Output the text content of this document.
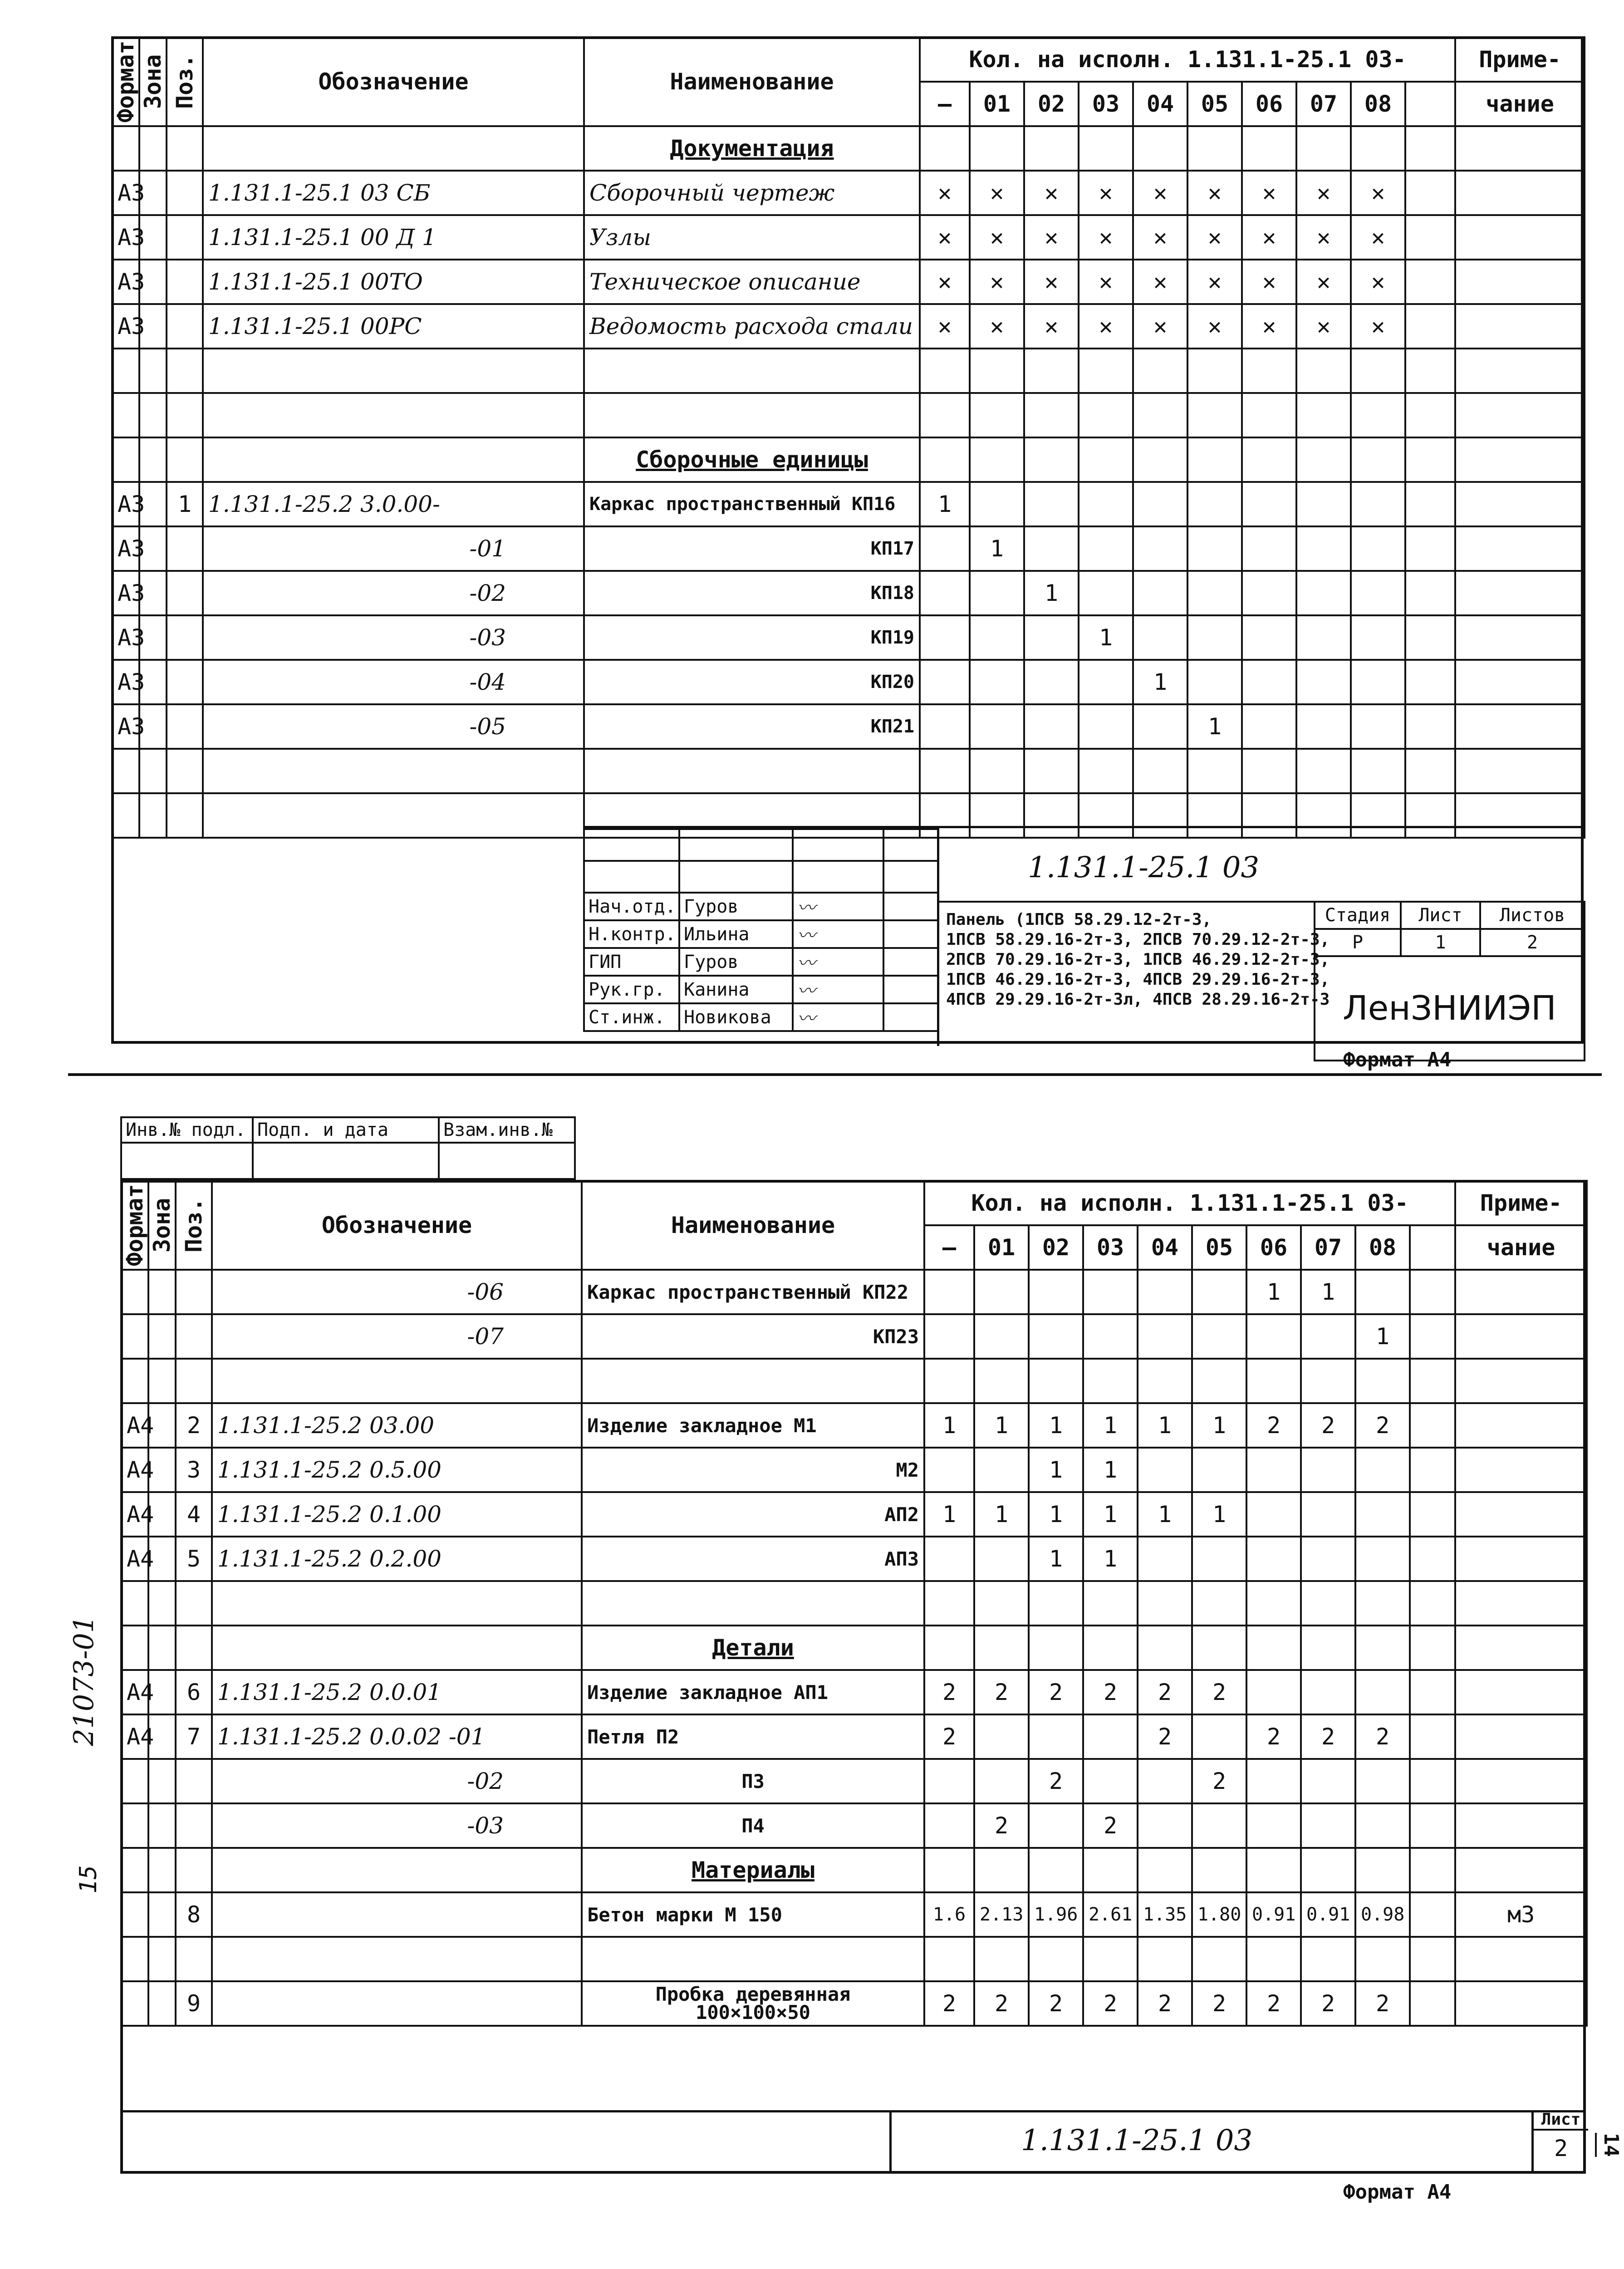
Формат	Зона	Поз.	Обозначение	Наименование	Кол. на исполн. 1.131.1-25.1 03-										Приме-
					—	01	02	03	04	05	06	07	08		чание
				Документация											
А3			1.131.1-25.1 03 СБ	Сборочный чертеж	✕	✕	✕	✕	✕	✕	✕	✕	✕		
А3			1.131.1-25.1 00 Д 1	Узлы	✕	✕	✕	✕	✕	✕	✕	✕	✕		
А3			1.131.1-25.1 00ТО	Техническое описание	✕	✕	✕	✕	✕	✕	✕	✕	✕		
А3			1.131.1-25.1 00РС	Ведомость расхода стали	✕	✕	✕	✕	✕	✕	✕	✕	✕		

				Сборочные единицы											
А3		1	1.131.1-25.2 3.0.00-	Каркас пространственный КП16	1										
А3			-01	КП17		1									
А3			-02	КП18			1								
А3			-03	КП19				1							
А3			-04	КП20					1						
А3			-05	КП21						1					

Нач.отд.	Гуров	〰	
Н.контр.	Ильина	〰	
ГИП	Гуров	〰	
Рук.гр.	Канина	〰	
Ст.инж.	Новикова	〰	
1.131.1-25.1 03
Панель (1ПСВ 58.29.12-2т-3,
1ПСВ 58.29.16-2т-3, 2ПСВ 70.29.12-2т-3,
2ПСВ 70.29.16-2т-3, 1ПСВ 46.29.12-2т-3,
1ПСВ 46.29.16-2т-3, 4ПСВ 29.29.16-2т-3,
4ПСВ 29.29.16-2т-3л, 4ПСВ 28.29.16-2т-3
Стадия	Лист	Листов
Р	1	2
ЛенЗНИИЭП		
Формат А4
Инв.№ подл.	Подп. и дата	Взам.инв.№

Формат	Зона	Поз.	Обозначение	Наименование	Кол. на исполн. 1.131.1-25.1 03-										Приме-
					—	01	02	03	04	05	06	07	08		чание
			-06	Каркас пространственный КП22							1	1			
			-07	КП23									1		

А4		2	1.131.1-25.2 03.00	Изделие закладное М1	1	1	1	1	1	1	2	2	2		
А4		3	1.131.1-25.2 0.5.00	М2			1	1							
А4		4	1.131.1-25.2 0.1.00	АП2	1	1	1	1	1	1					
А4		5	1.131.1-25.2 0.2.00	АП3			1	1							

				Детали											
А4		6	1.131.1-25.2 0.0.01	Изделие закладное АП1	2	2	2	2	2	2					
А4		7	1.131.1-25.2 0.0.02 -01	Петля П2	2				2		2	2	2		
			-02	П3			2			2					
			-03	П4		2		2							
				Материалы											
		8		Бетон марки М 150	1.6	2.13	1.96	2.61	1.35	1.80	0.91	0.91	0.98		м3

		9		Пробка деревянная
100×100×50	2	2	2	2	2	2	2	2	2		
1.131.1-25.1 03
Лист
2
Формат А4
21073-01
15
14
